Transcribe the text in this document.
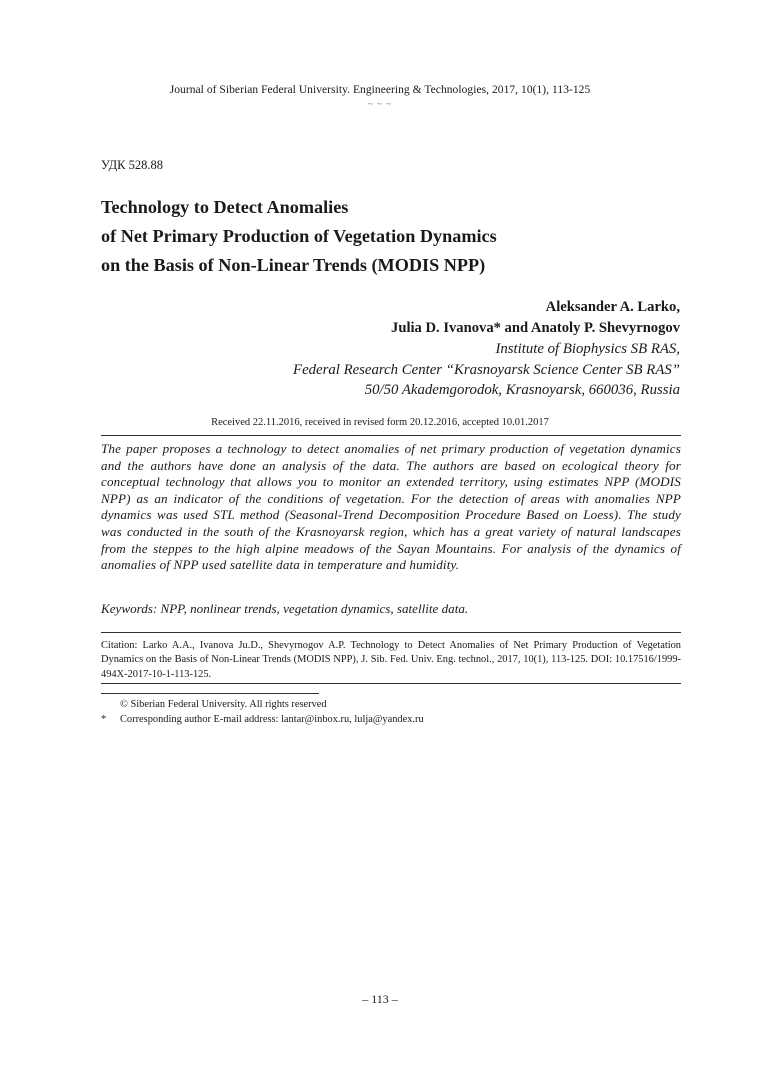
Journal of Siberian Federal University. Engineering & Technologies, 2017, 10(1), 113-125
~ ~ ~
УДК 528.88
Technology to Detect Anomalies
of Net Primary Production of Vegetation Dynamics
on the Basis of Non-Linear Trends (MODIS NPP)
Aleksander A. Larko,
Julia D. Ivanova* and Anatoly P. Shevyrnogov
Institute of Biophysics SB RAS,
Federal Research Center “Krasnoyarsk Science Center SB RAS”
50/50 Akademgorodok, Krasnoyarsk, 660036, Russia
Received 22.11.2016, received in revised form 20.12.2016, accepted 10.01.2017
The paper proposes a technology to detect anomalies of net primary production of vegetation dynamics and the authors have done an analysis of the data. The authors are based on ecological theory for conceptual technology that allows you to monitor an extended territory, using estimates NPP (MODIS NPP) as an indicator of the conditions of vegetation. For the detection of areas with anomalies NPP dynamics was used STL method (Seasonal-Trend Decomposition Procedure Based on Loess). The study was conducted in the south of the Krasnoyarsk region, which has a great variety of natural landscapes from the steppes to the high alpine meadows of the Sayan Mountains. For analysis of the dynamics of anomalies of NPP used satellite data in temperature and humidity.
Keywords: NPP, nonlinear trends, vegetation dynamics, satellite data.
Citation: Larko A.A., Ivanova Ju.D., Shevyrnogov A.P. Technology to Detect Anomalies of Net Primary Production of Vegetation Dynamics on the Basis of Non-Linear Trends (MODIS NPP), J. Sib. Fed. Univ. Eng. technol., 2017, 10(1), 113-125. DOI: 10.17516/1999-494X-2017-10-1-113-125.
© Siberian Federal University. All rights reserved
* Corresponding author E-mail address: lantar@inbox.ru, lulja@yandex.ru
– 113 –
